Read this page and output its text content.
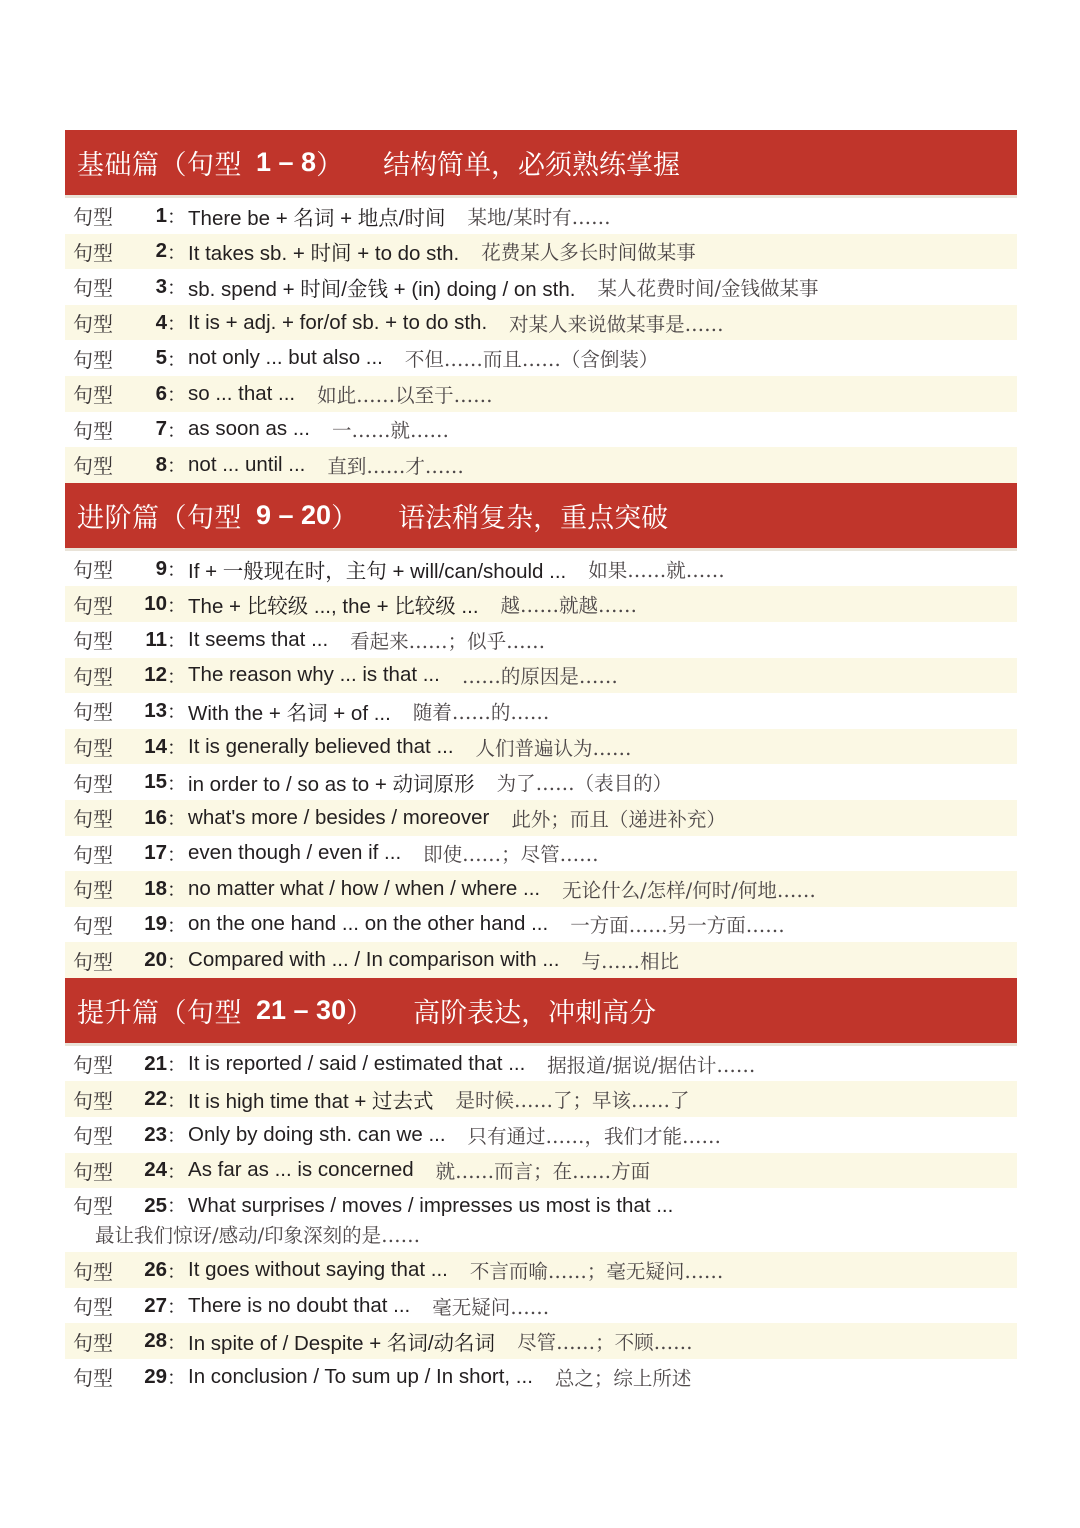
基础篇（句型 1 – 8 ） 结构简单，必须熟练掌握
句型	1 ： There be + 名词 + 地点/时间 某地/某时有……
句型	2 ： It takes sb. + 时间 + to do sth. 花费某人多长时间做某事
句型	3 ： sb. spend + 时间/金钱 + (in) doing / on sth. 某人花费时间/金钱做某事
句型	4 ： It is + adj. + for/of sb. + to do sth. 对某人来说做某事是……
句型	5 ： not only ... but also ... 不但……而且……（含倒装）
句型	6 ： so ... that ... 如此……以至于……
句型	7 ： as soon as ... 一……就……
句型	8 ： not ... until ... 直到……才……
进阶篇（句型 9 – 20 ） 语法稍复杂，重点突破
句型	9 ： If + 一般现在时，主句 + will/can/should ... 如果……就……
句型	10 ： The + 比较级 ..., the + 比较级 ... 越……就越……
句型	11 ： It seems that ... 看起来……；似乎……
句型	12 ： The reason why ... is that ... ……的原因是……
句型	13 ： With the + 名词 + of ... 随着……的……
句型	14 ： It is generally believed that ... 人们普遍认为……
句型	15 ： in order to / so as to + 动词原形 为了……（表目的）
句型	16 ： what's more / besides / moreover 此外；而且（递进补充）
句型	17 ： even though / even if ... 即使……；尽管……
句型	18 ： no matter what / how / when / where ... 无论什么/怎样/何时/何地……
句型	19 ： on the one hand ... on the other hand ... 一方面……另一方面……
句型	20 ： Compared with ... / In comparison with ... 与……相比
提升篇（句型 21 – 30 ） 高阶表达，冲刺高分
句型	21 ： It is reported / said / estimated that ... 据报道/据说/据估计……
句型	22 ： It is high time that + 过去式 是时候……了；早该……了
句型	23 ： Only by doing sth. can we ... 只有通过……，我们才能……
句型	24 ： As far as ... is concerned 就……而言；在……方面
句型	25 ： What surprises / moves / impresses us most is that ...
最让我们惊讶/感动/印象深刻的是……
句型	26 ： It goes without saying that ... 不言而喻……；毫无疑问……
句型	27 ： There is no doubt that ... 毫无疑问……
句型	28 ： In spite of / Despite + 名词/动名词 尽管……；不顾……
句型	29 ： In conclusion / To sum up / In short, ... 总之；综上所述
